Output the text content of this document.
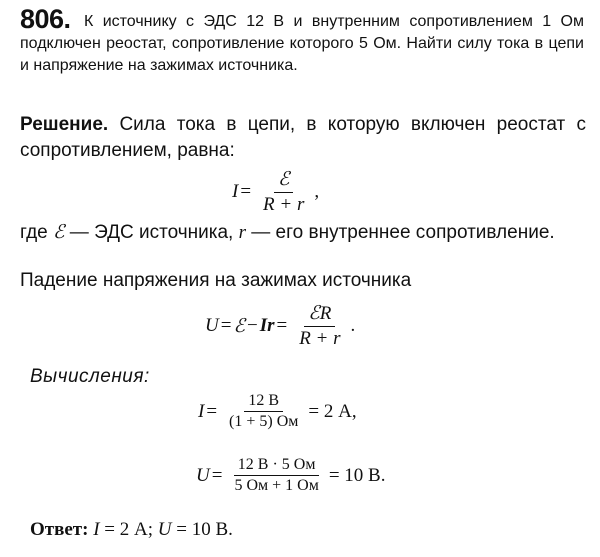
806. К источнику с ЭДС 12 В и внутренним сопротивлением 1 Ом подключен реостат, сопротивление которого 5 Ом. Найти силу тока в цепи и напряжение на зажимах источника.
Решение. Сила тока в цепи, в которую включен реостат с сопротивлением, равна:
$I = \frac{\text{ℰ}}{R + r}$ ,
где ℰ — ЭДС источника, r — его внутреннее сопротивление.
Падение напряжения на зажимах источника
U = ℰ − $Ir = \frac{\text{ℰR}}{R + r}$ .
Вычисления:
$I = \frac{12 В}{(1 + 5) Ом} = 2$ А,
$U = \frac{12 В \cdot 5 Ом}{5 Ом + 1 Ом} = 10$ В.
Ответ: I = 2 А; U = 10 В.
